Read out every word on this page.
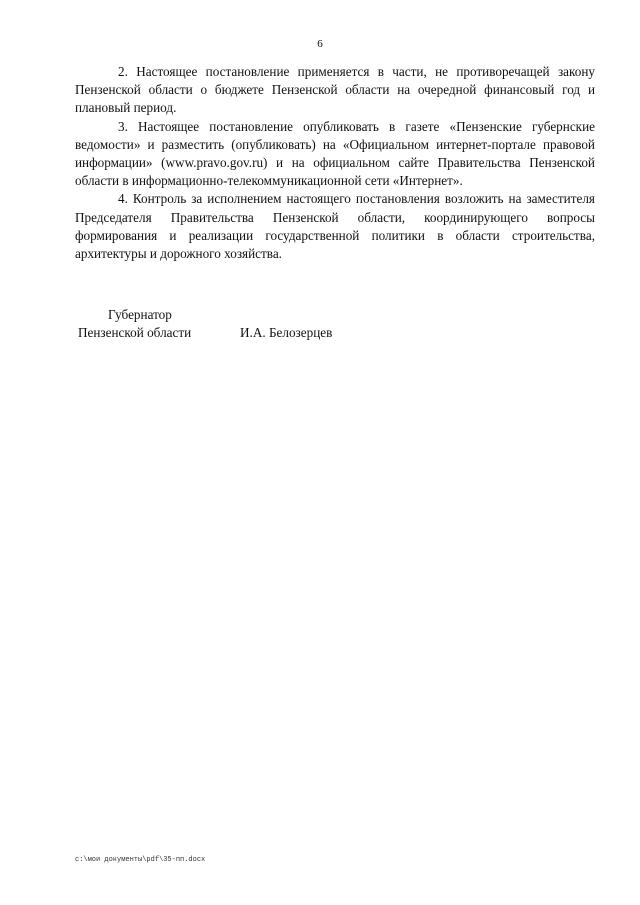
6

2. Настоящее постановление применяется в части, не противоречащей закону Пензенской области о бюджете Пензенской области на очередной финансовый год и плановый период.

3. Настоящее постановление опубликовать в газете «Пензенские губернские ведомости» и разместить (опубликовать) на «Официальном интернет-портале правовой информации» (www.pravo.gov.ru) и на официальном сайте Правительства Пензенской области в информационно-телекоммуникационной сети «Интернет».

4. Контроль за исполнением настоящего постановления возложить на заместителя Председателя Правительства Пензенской области, координирующего вопросы формирования и реализации государственной политики в области строительства, архитектуры и дорожного хозяйства.

Губернатор

Пензенской области	И.А. Белозерцев
c:\мои документы\pdf\35-пп.docx
